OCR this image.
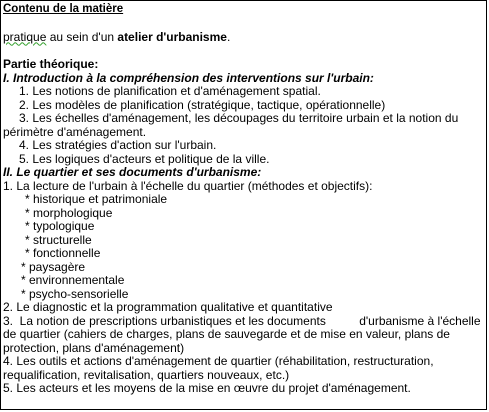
Contenu de la matière
pratique au sein d'un atelier d'urbanisme.
Partie théorique:
I. Introduction à la compréhension des interventions sur l'urbain:
1. Les notions de planification et d'aménagement spatial.
2. Les modèles de planification (stratégique, tactique, opérationnelle)
3. Les échelles d'aménagement, les découpages du territoire urbain et la notion du
périmètre d'aménagement.
4. Les stratégies d'action sur l'urbain.
5. Les logiques d'acteurs et politique de la ville.
II. Le quartier et ses documents d'urbanisme:
1. La lecture de l'urbain à l'échelle du quartier (méthodes et objectifs):
* historique et patrimoniale
* morphologique
* typologique
* structurelle
* fonctionnelle
* paysagère
* environnementale
* psycho-sensorielle
2. Le diagnostic et la programmation qualitative et quantitative
3.  La notion de prescriptions urbanistiques et les documents          d'urbanisme à l'échelle
de quartier (cahiers de charges, plans de sauvegarde et de mise en valeur, plans de
protection, plans d'aménagement)
4. Les outils et actions d'aménagement de quartier (réhabilitation, restructuration,
requalification, revitalisation, quartiers nouveaux, etc.)
5. Les acteurs et les moyens de la mise en œuvre du projet d'aménagement.
